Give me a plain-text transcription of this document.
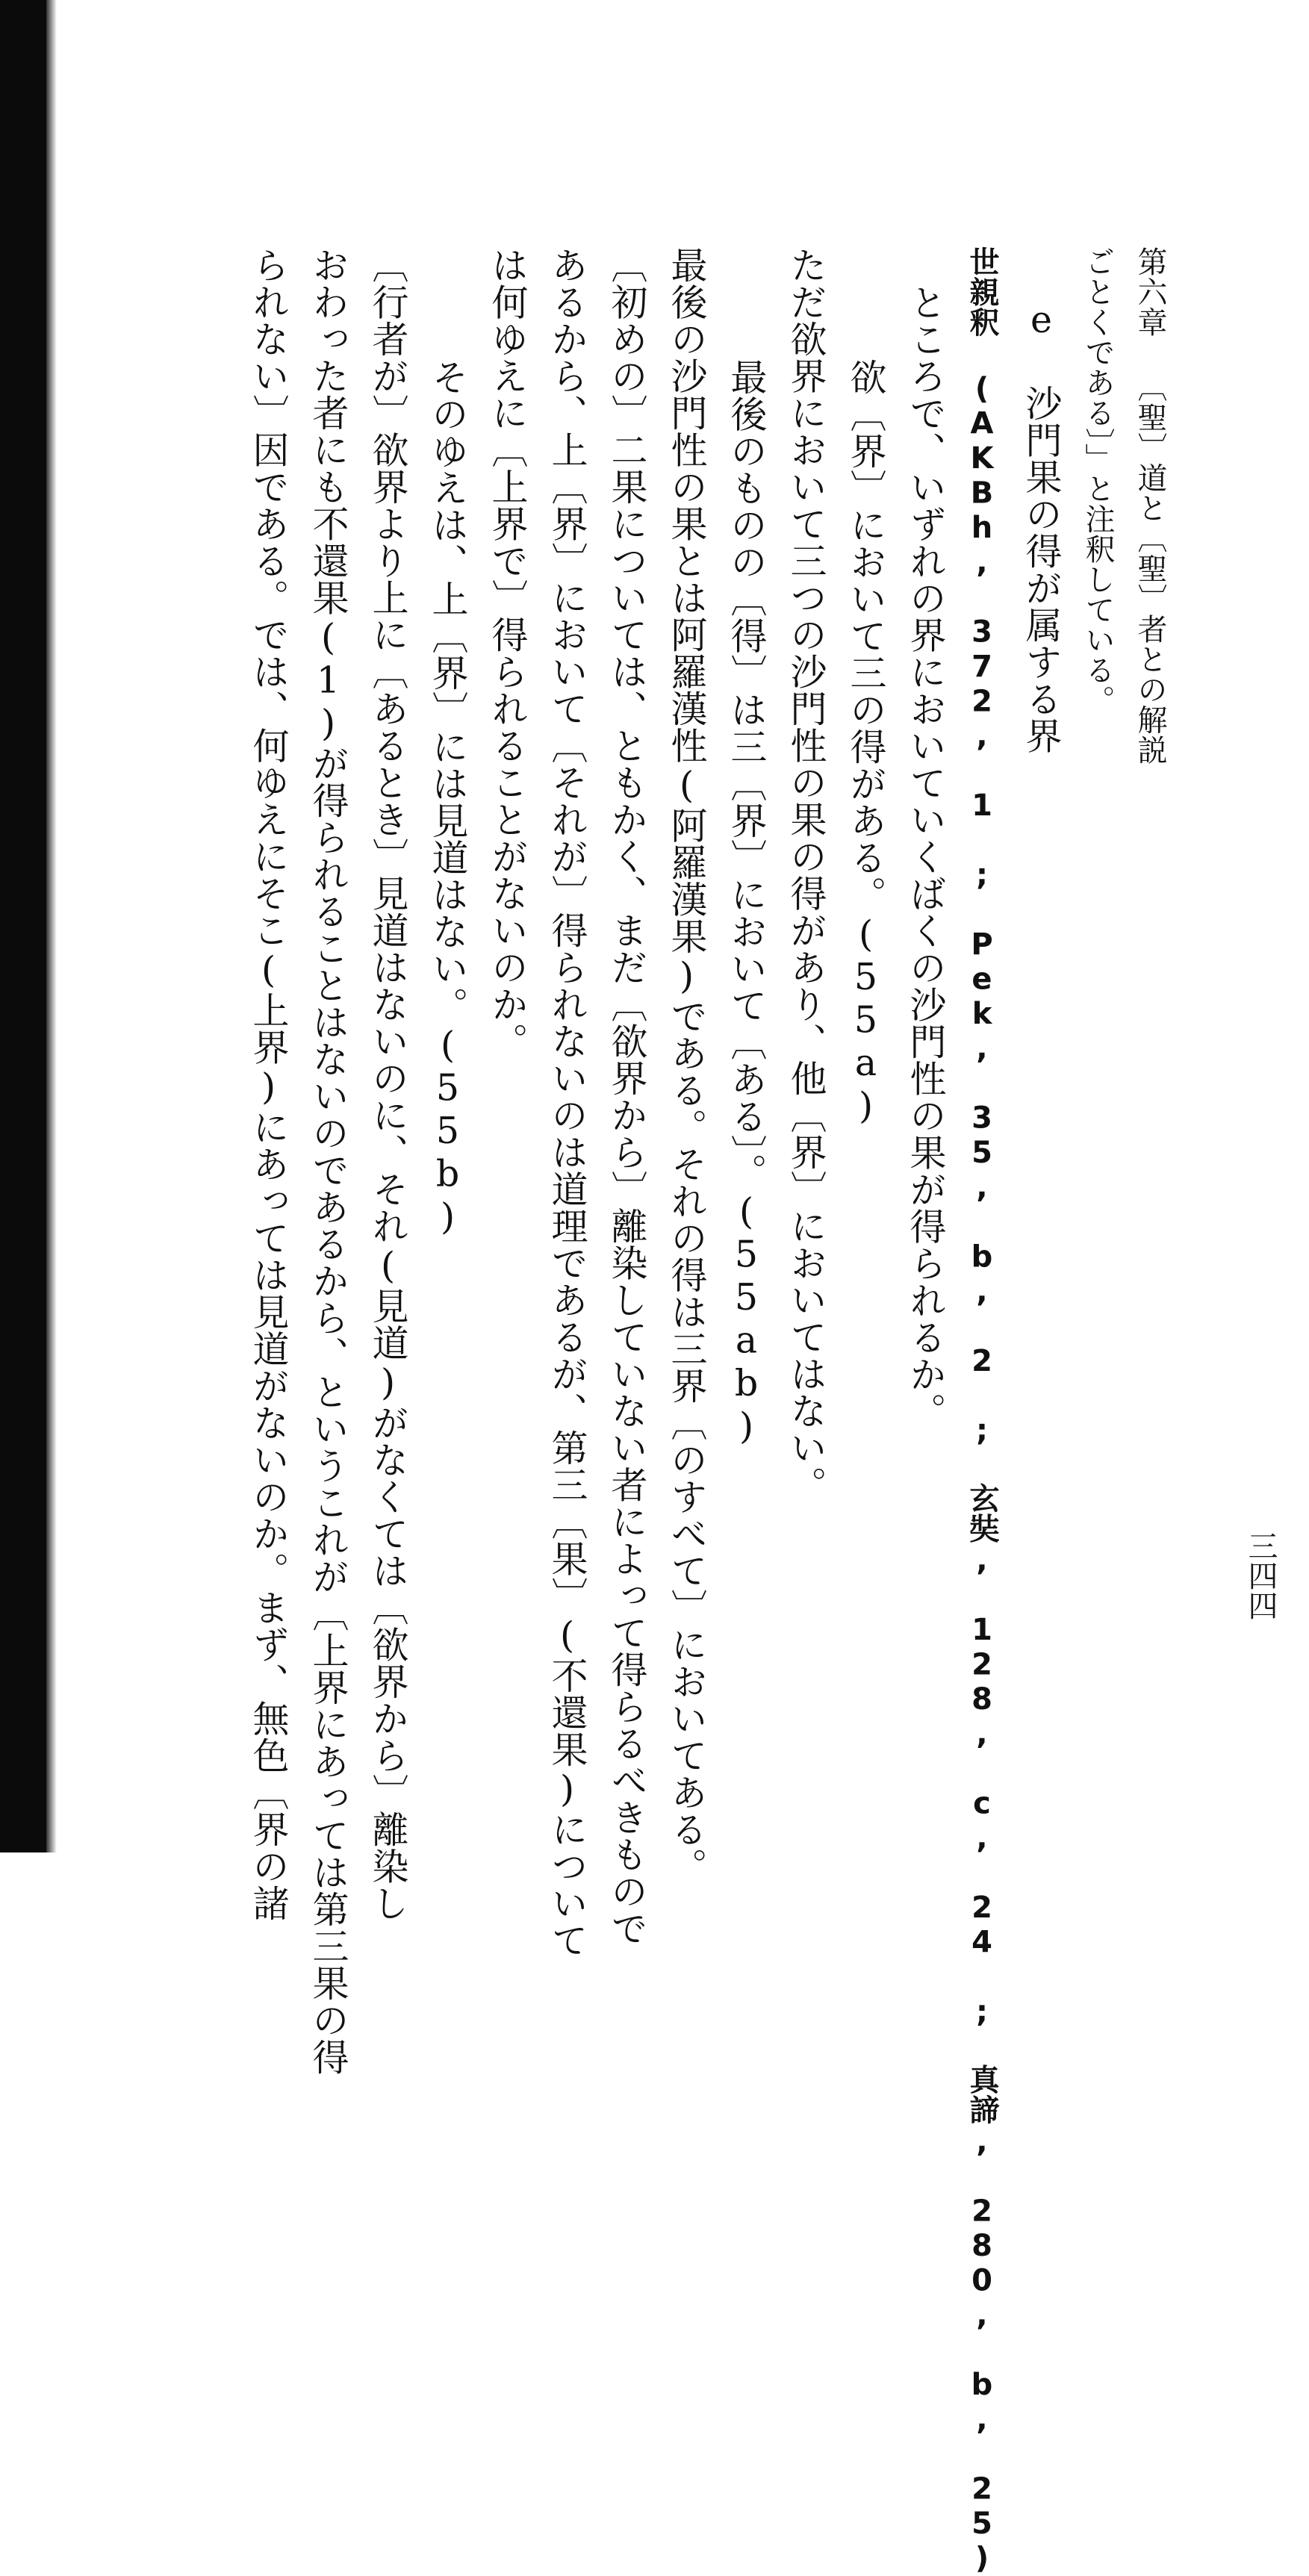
第六章 〔聖〕道と〔聖〕者との解説
三四四
ごとくである〕」と注釈している。
e 沙門果の得が属する界
世親釈 (AKBh, 372, 1 ; Pek, 35, b, 2 ; 玄奘, 128, c, 24 ; 真諦, 280, b, 25)
ところで、いずれの界においていくばくの沙門性の果が得られるか。
欲〔界〕において三の得がある。(55a)
ただ欲界において三つの沙門性の果の得があり、他〔界〕においてはない。
最後のものの〔得〕は三〔界〕において〔ある〕。(55ab)
最後の沙門性の果とは阿羅漢性(阿羅漢果)である。それの得は三界〔のすべて〕においてある。
〔初めの〕二果については、ともかく、まだ〔欲界から〕離染していない者によって得らるべきもので
あるから、上〔界〕において〔それが〕得られないのは道理であるが、第三〔果〕(不還果)について
は何ゆえに〔上界で〕得られることがないのか。
そのゆえは、上〔界〕には見道はない。(55b)
〔行者が〕欲界より上に〔あるとき〕見道はないのに、それ(見道)がなくては〔欲界から〕離染し
おわった者にも不還果(1)が得られることはないのであるから、というこれが〔上界にあっては第三果の得
られない〕因である。では、何ゆえにそこ(上界)にあっては見道がないのか。まず、無色〔界の諸
